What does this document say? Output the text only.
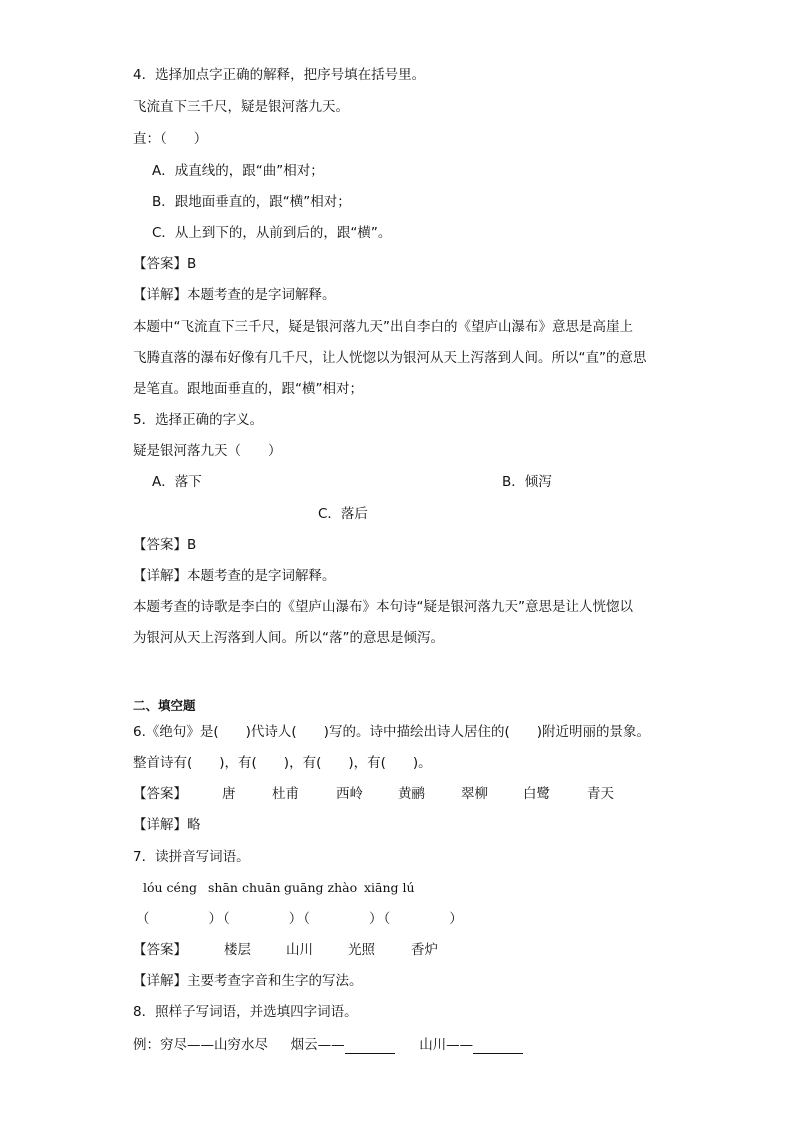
4．选择加点字正确的解释，把序号填在括号里。
飞流直下三千尺，疑是银河落九天。
直：（　　）
A．成直线的，跟“曲”相对；
B．跟地面垂直的，跟“横”相对；
C．从上到下的，从前到后的，跟“横”。
【答案】B
【详解】本题考查的是字词解释。
本题中“飞流直下三千尺，疑是银河落九天”出自李白的《望庐山瀑布》意思是高崖上
飞腾直落的瀑布好像有几千尺，让人恍惚以为银河从天上泻落到人间。所以“直”的意思
是笔直。跟地面垂直的，跟“横”相对；
5．选择正确的字义。
疑是银河落九天（　　）
A．落下	B．倾泻
C．落后
【答案】B
【详解】本题考查的是字词解释。
本题考查的诗歌是李白的《望庐山瀑布》本句诗“疑是银河落九天”意思是让人恍惚以
为银河从天上泻落到人间。所以“落”的意思是倾泻。
二、填空题
6.《绝句》是(　　)代诗人(　　)写的。诗中描绘出诗人居住的(　　)附近明丽的景象。
整首诗有(　　)，有(　　)，有(　　)，有(　　)。
【答案】	唐	杜甫	西岭	黄鹂	翠柳	白鹭	青天
【详解】略
7．读拼音写词语。
lóu céng shān chuān guāng zhào xiāng lú
（　　　　）（　　　　）（　　　　）（　　　　）
【答案】	楼层	山川	光照	香炉
【详解】主要考查字音和生字的写法。
8．照样子写词语，并选填四字词语。
例：穷尽——山穷水尽 烟云——	山川——
